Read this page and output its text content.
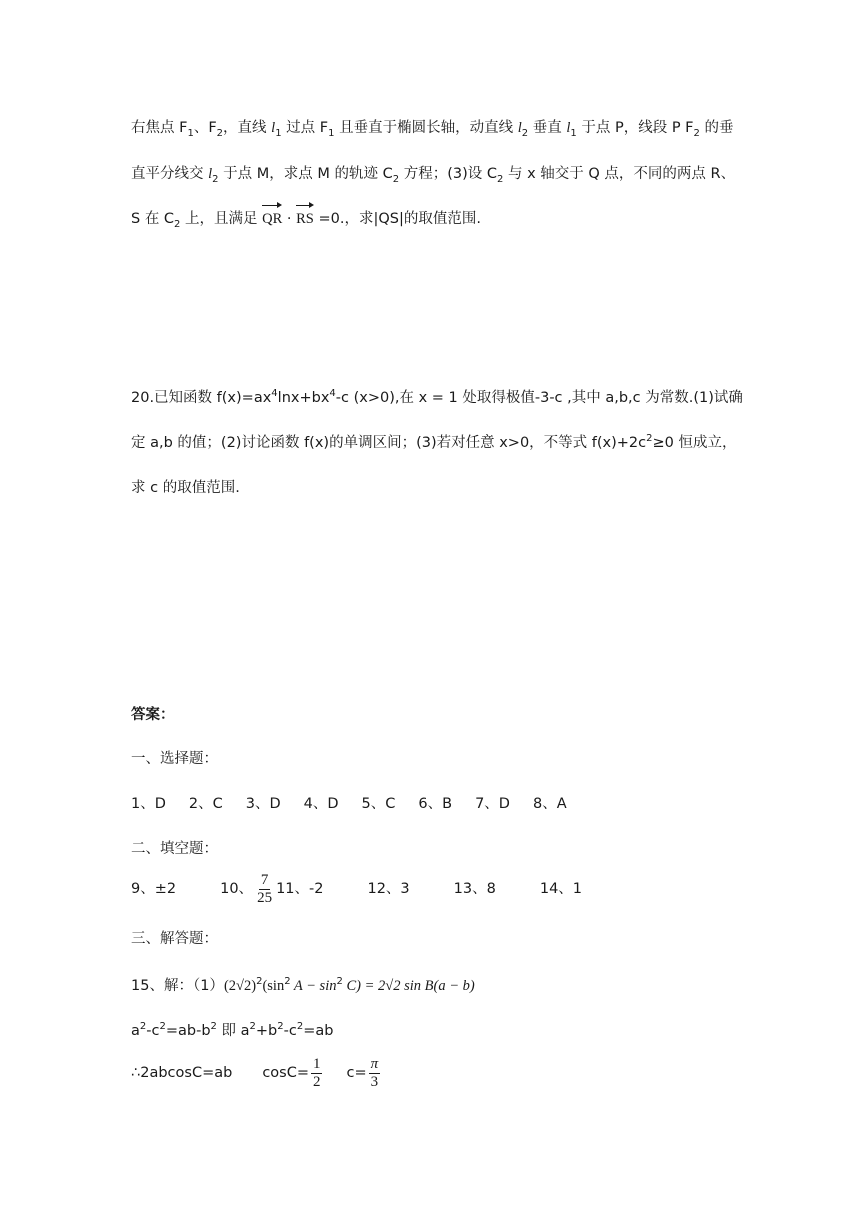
右焦点 $F_1$、$F_2$，直线 $l_1$ 过点 $F_1$ 且垂直于椭圆长轴，动直线 $l_2$ 垂直 $l_1$ 于点 P，线段 P $F_2$ 的垂
直平分线交 $l_2$ 于点 M，求点 M 的轨迹 $C_2$ 方程；(3)设 $C_2$ 与 x 轴交于 Q 点，不同的两点 R、
S 在 $C_2$ 上，且满足 QR · RS =0.，求|QS|的取值范围.
20.已知函数 $f(x)=ax^4\ln x+bx^4-c$ (x>0),在 x = 1 处取得极值-3-c ,其中 a,b,c 为常数.(1)试确
定 a,b 的值；(2)讨论函数 f(x)的单调区间；(3)若对任意 x>0，不等式 $f(x)+2c^2\ge 0$ 恒成立，
求 c 的取值范围.
答案：
一、选择题：
1、D 2、C 3、D 4、D 5、C 6、B 7、D 8、A
二、填空题：
9、±2	10、 $\frac{7}{25} 11$、-2	12、3	13、8	14、1
三、解答题：
15、解：$(1)(2√2)^2(\sin^2$ $A - \sin^2 C) = 2√2$ sin B(a − b)
$a^2-c^2=ab-b^2$ 即 $a^2+b^2-c^2=ab$
∴2abcosC=ab $\cos C= \frac{1}{2} c= \frac{\pi}{3}$
